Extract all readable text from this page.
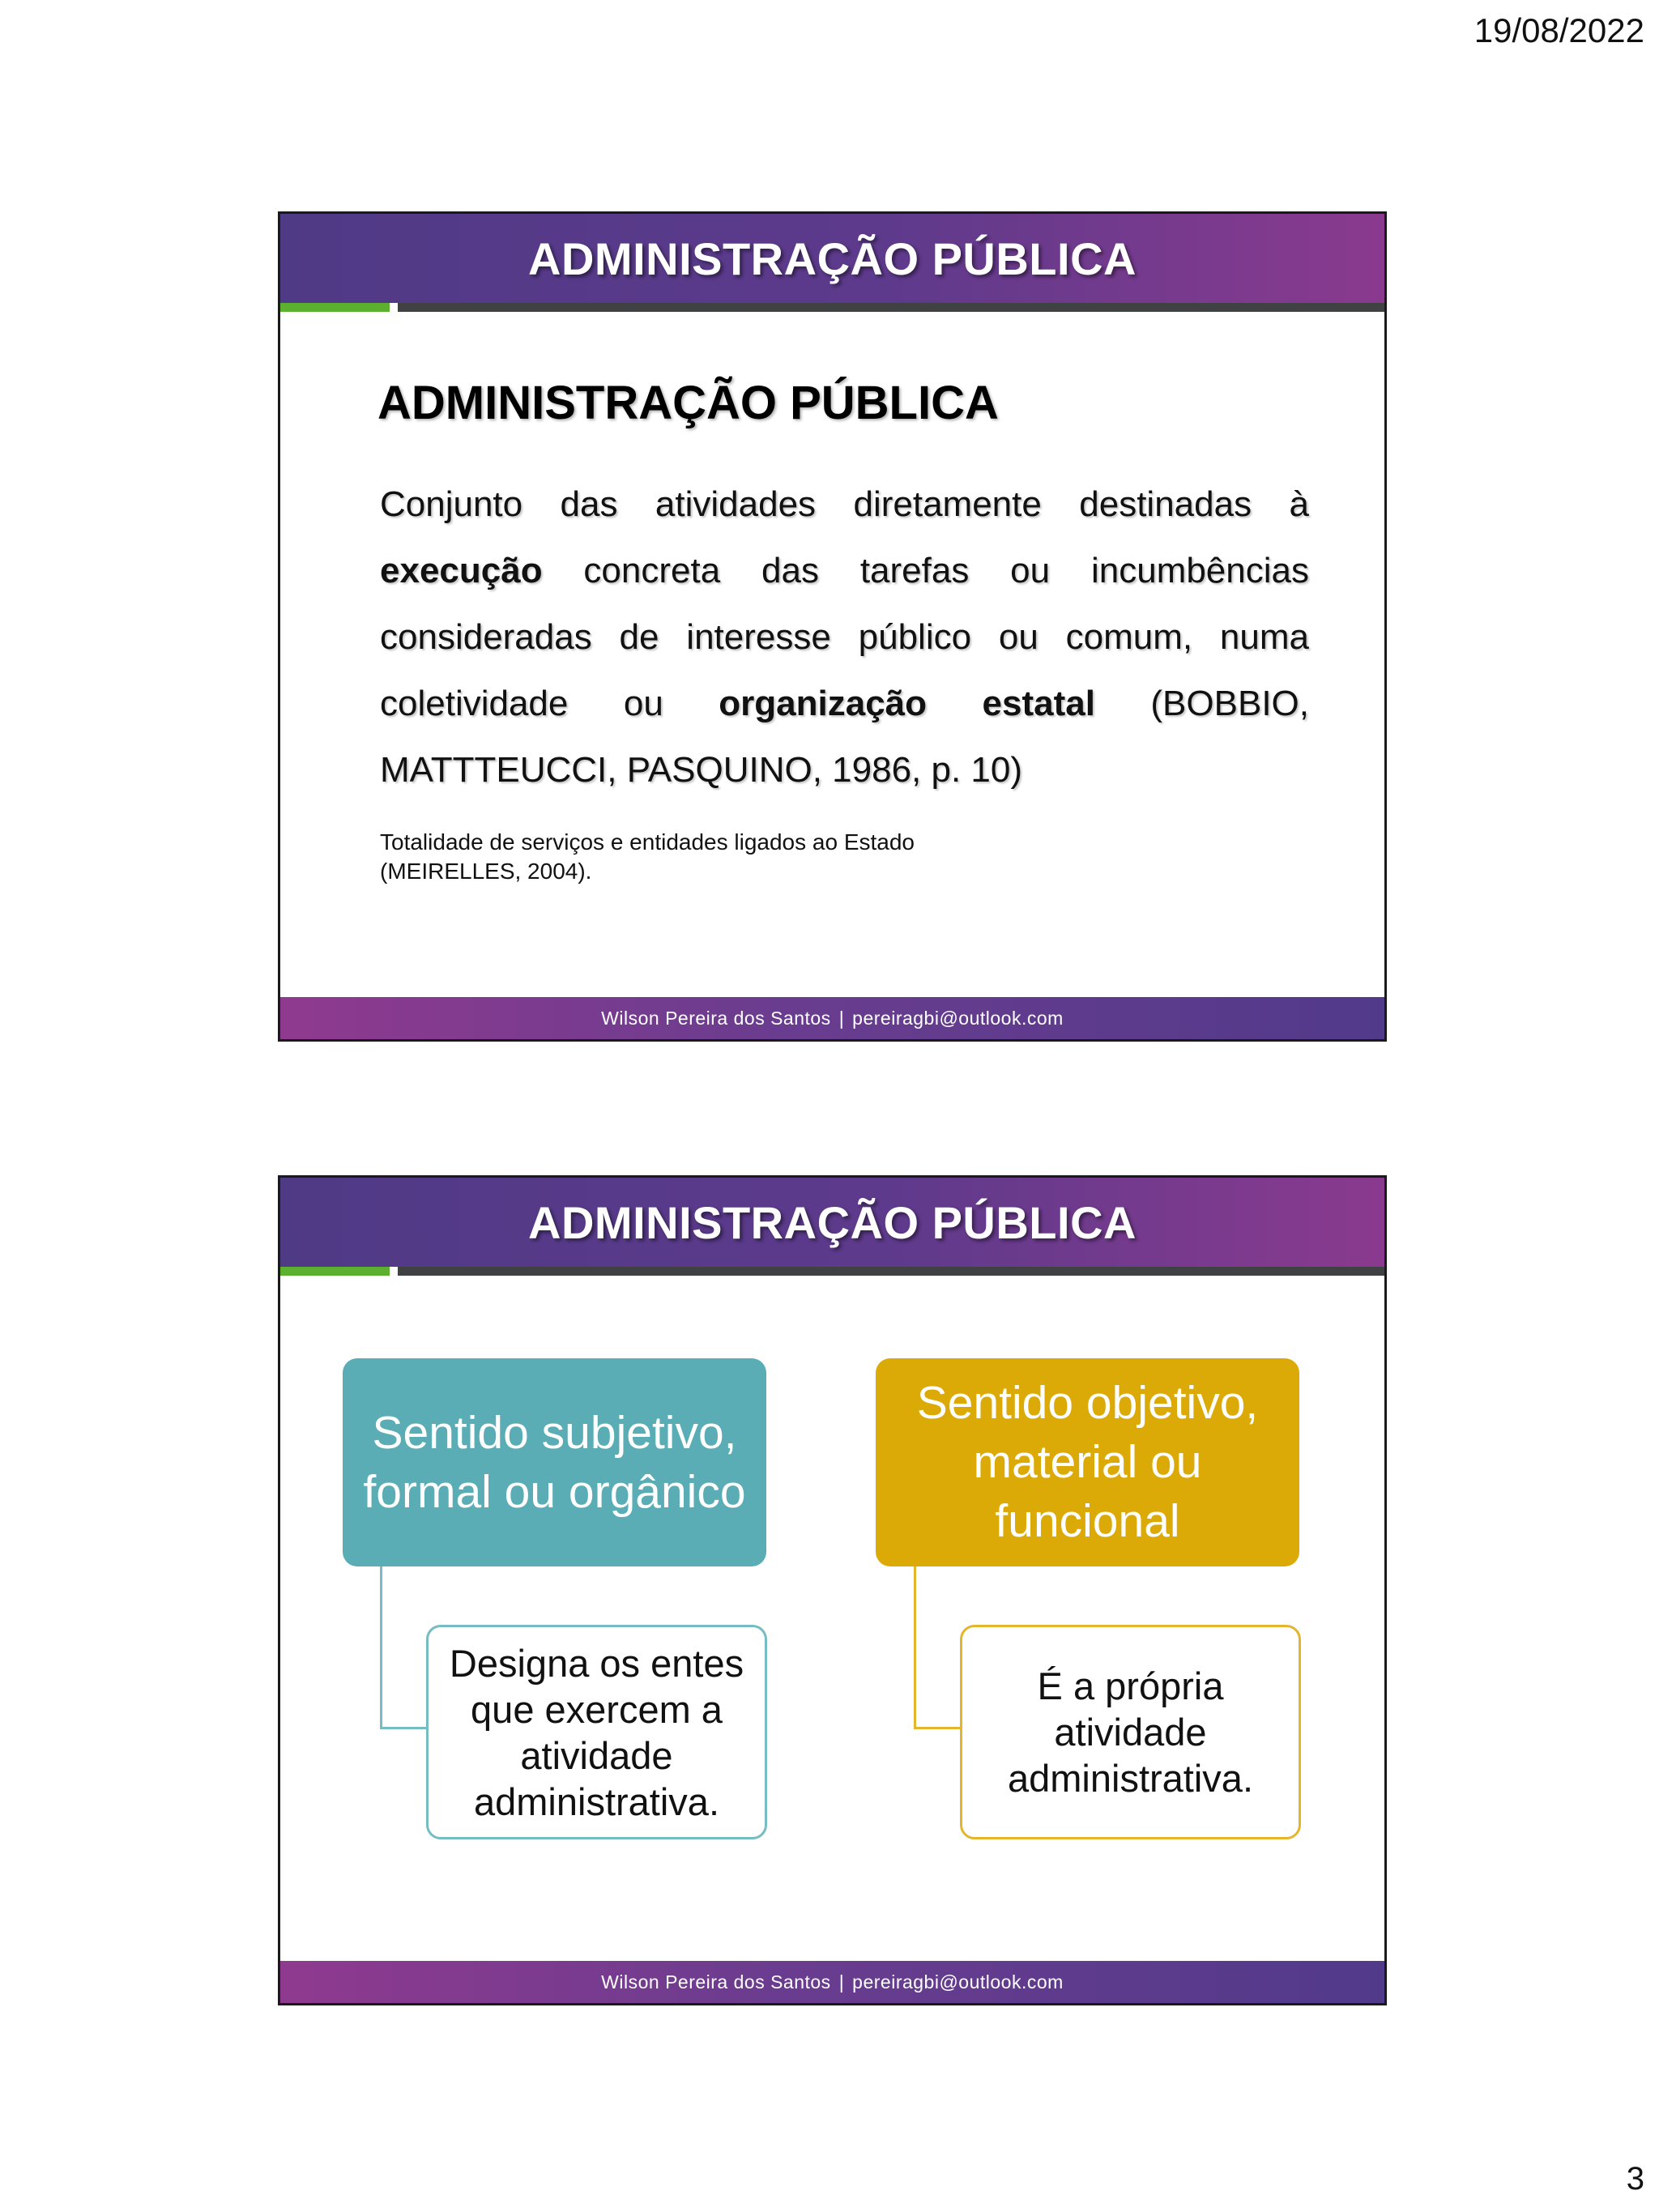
19/08/2022
ADMINISTRAÇÃO PÚBLICA
ADMINISTRAÇÃO PÚBLICA

Conjunto das atividades diretamente destinadas à execução concreta das tarefas ou incumbências consideradas de interesse público ou comum, numa coletividade ou organização estatal (BOBBIO, MATTTEUCCI, PASQUINO, 1986, p. 10)

Totalidade de serviços e entidades ligados ao Estado (MEIRELLES, 2004).

Wilson Pereira dos Santos | pereiragbi@outlook.com
ADMINISTRAÇÃO PÚBLICA
Sentido subjetivo, formal ou orgânico
Designa os entes que exercem a atividade administrativa.
Sentido objetivo, material ou funcional
É a própria atividade administrativa.
Wilson Pereira dos Santos | pereiragbi@outlook.com
3
